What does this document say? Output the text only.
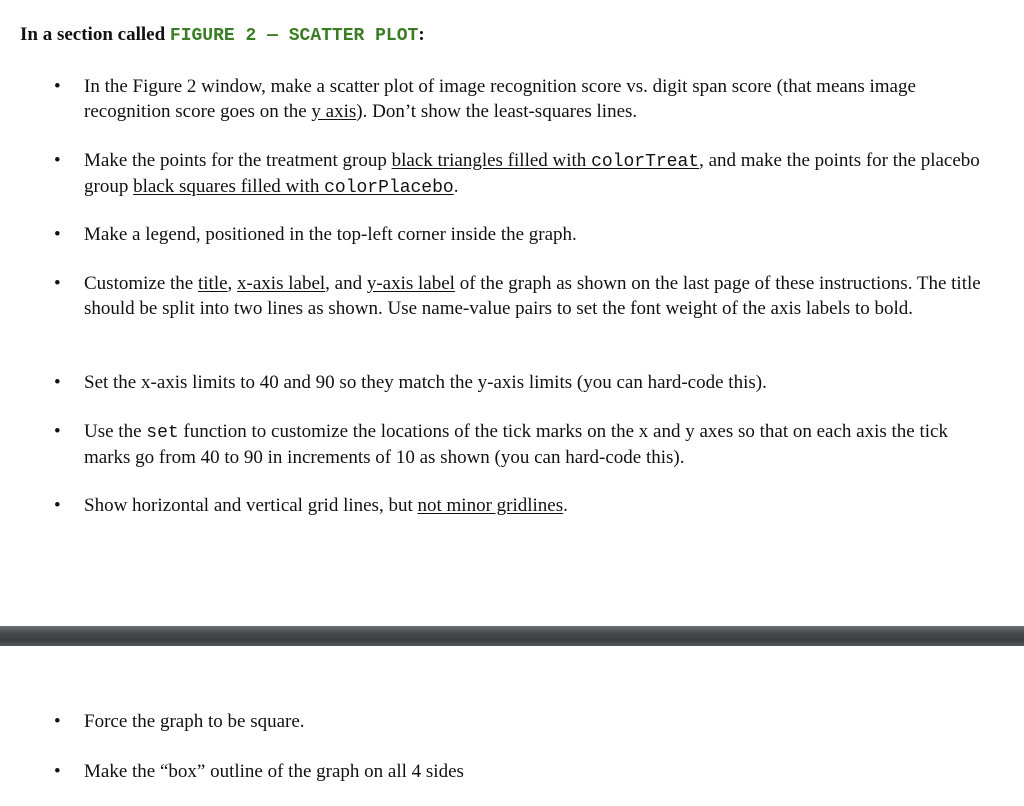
In a section called FIGURE 2 — SCATTER PLOT:
• In the Figure 2 window, make a scatter plot of image recognition score vs. digit span score (that means image recognition score goes on the y axis). Don’t show the least-squares lines.
• Make the points for the treatment group black triangles filled with colorTreat, and make the points for the placebo group black squares filled with colorPlacebo.
• Make a legend, positioned in the top-left corner inside the graph.
• Customize the title, x-axis label, and y-axis label of the graph as shown on the last page of these instructions. The title should be split into two lines as shown. Use name-value pairs to set the font weight of the axis labels to bold.
• Set the x-axis limits to 40 and 90 so they match the y-axis limits (you can hard-code this).
• Use the set function to customize the locations of the tick marks on the x and y axes so that on each axis the tick marks go from 40 to 90 in increments of 10 as shown (you can hard-code this).
• Show horizontal and vertical grid lines, but not minor gridlines.
• Force the graph to be square.
• Make the “box” outline of the graph on all 4 sides
